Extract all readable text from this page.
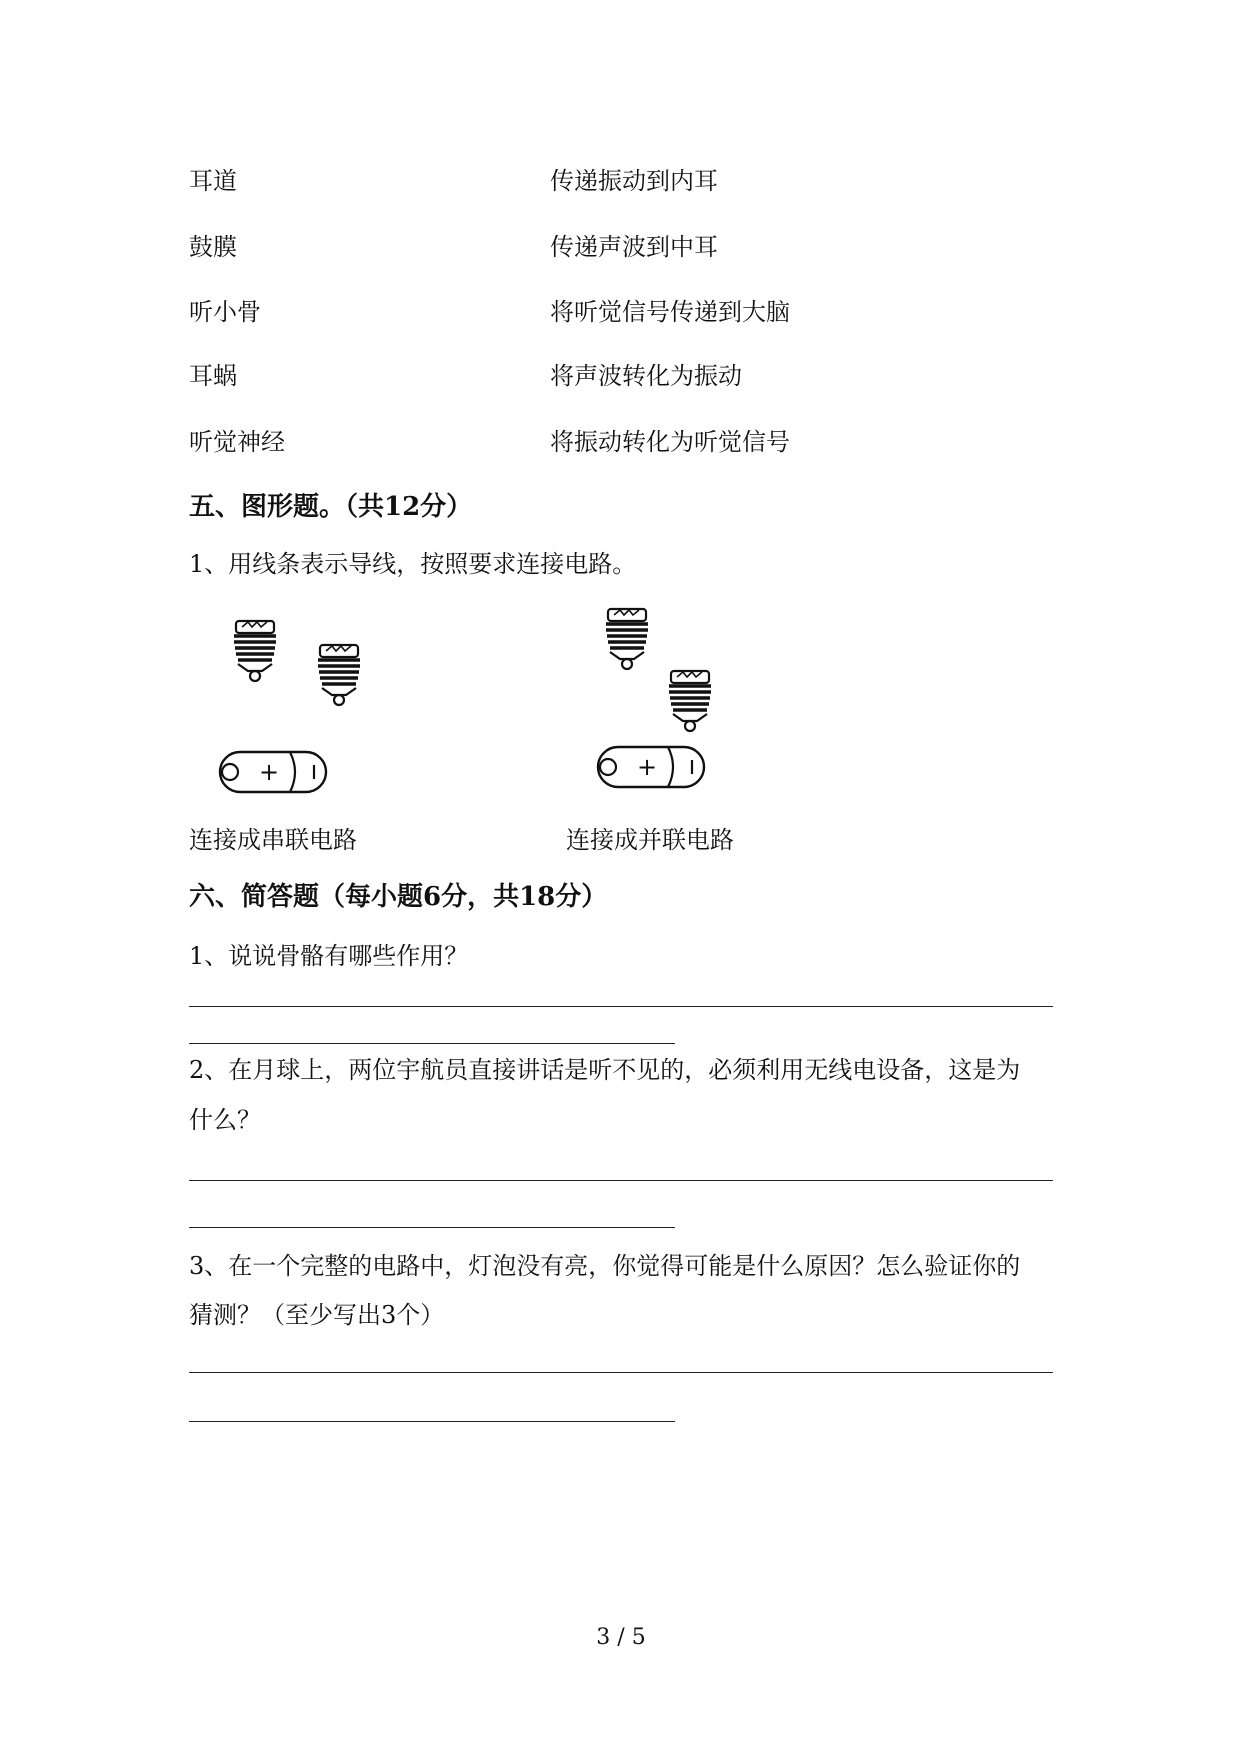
耳道	传递振动到内耳
鼓膜	传递声波到中耳
听小骨	将听觉信号传递到大脑
耳蜗	将声波转化为振动
听觉神经	将振动转化为听觉信号
五、图形题。（共12分）
1、用线条表示导线，按照要求连接电路。
+
连接成串联电路
+
连接成并联电路
六、简答题（每小题6分，共18分）
1、说说骨骼有哪些作用？
2、在月球上，两位宇航员直接讲话是听不见的，必须利用无线电设备，这是为
什么？
3、在一个完整的电路中，灯泡没有亮，你觉得可能是什么原因？怎么验证你的
猜测？（至少写出3个）
3 / 5
